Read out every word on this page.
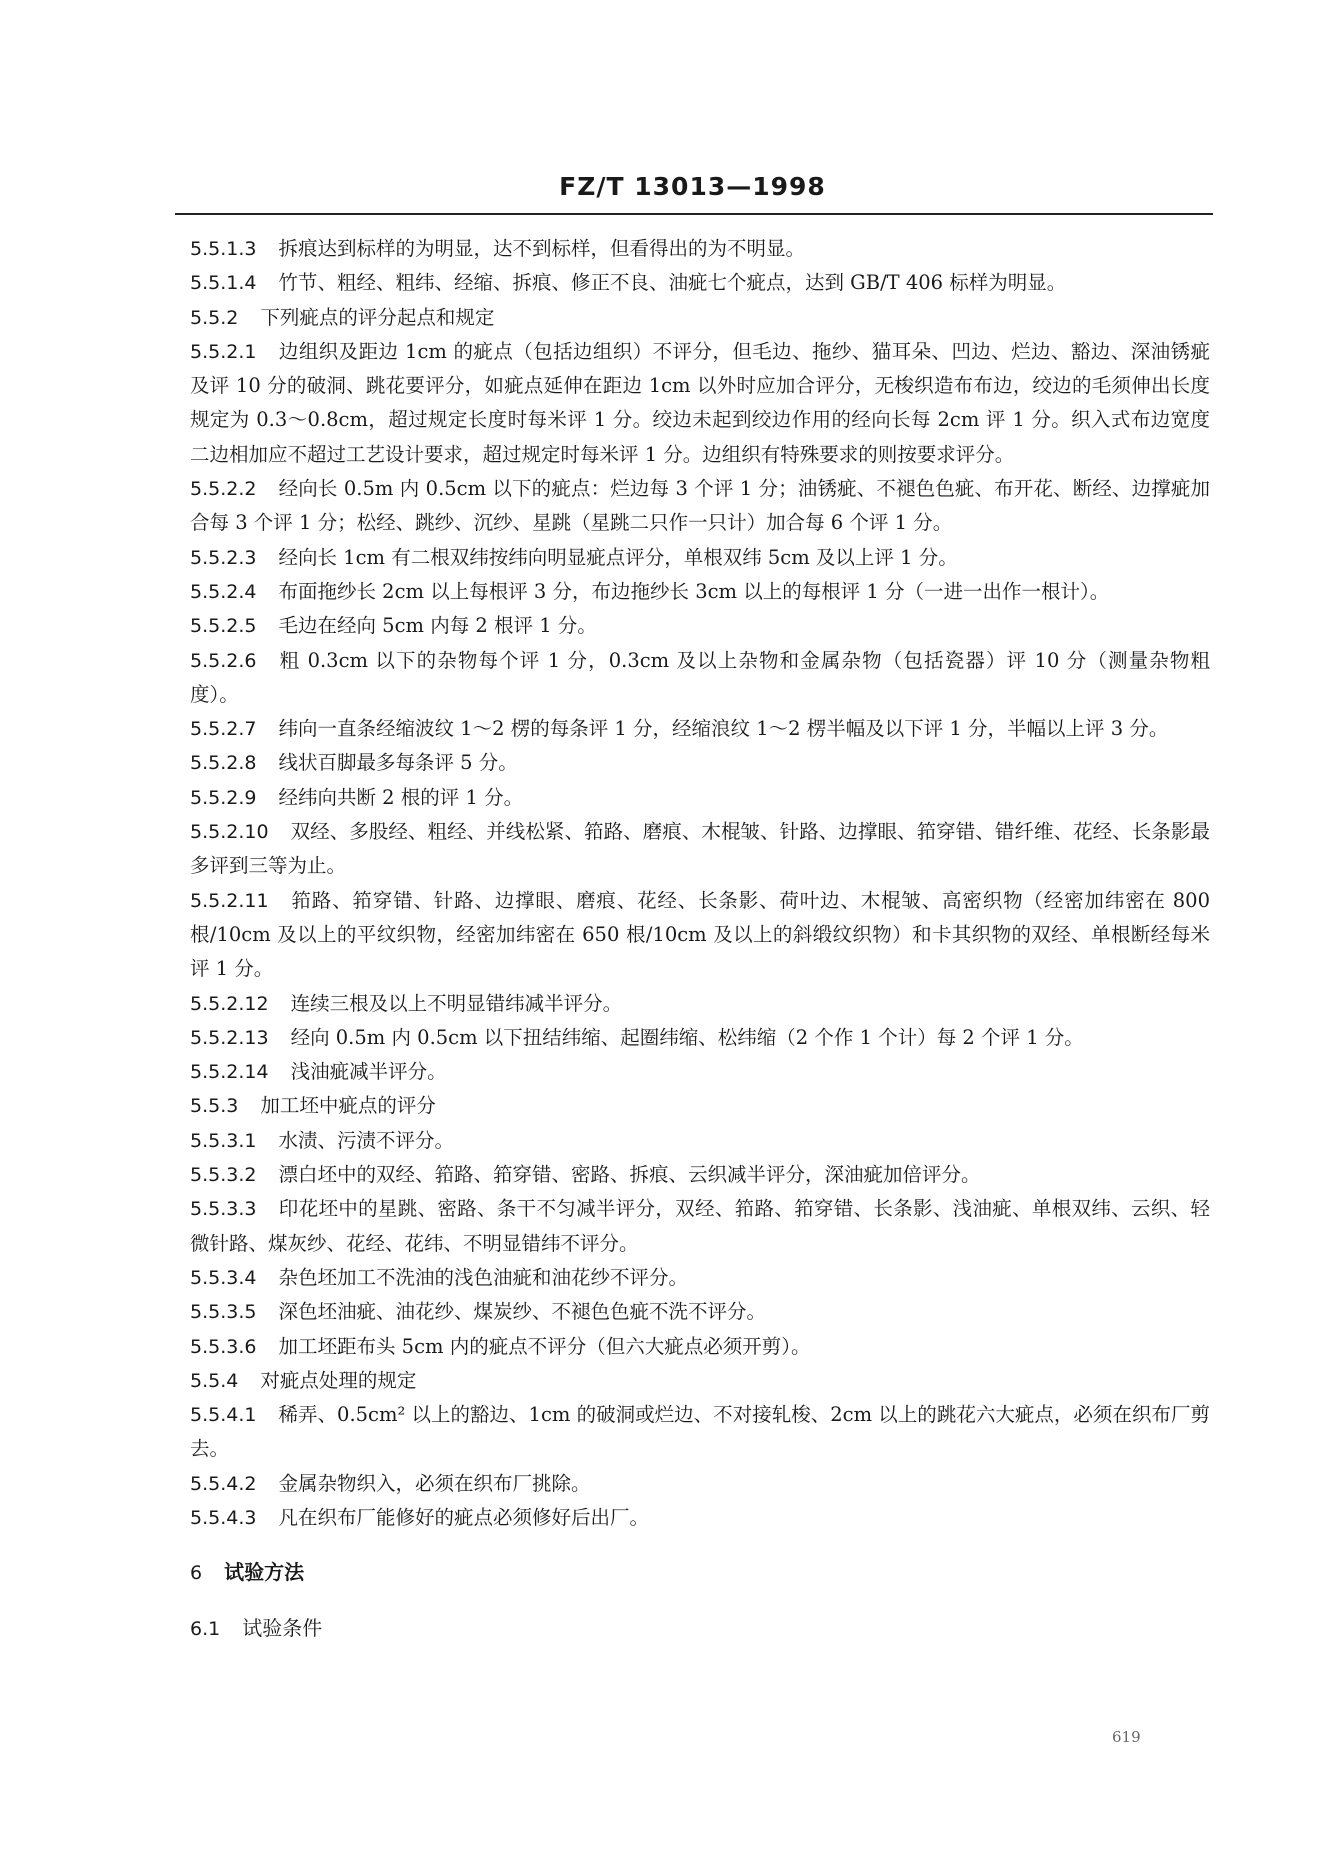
FZ/T 13013—1998

5.5.1.3 拆痕达到标样的为明显，达不到标样，但看得出的为不明显。

5.5.1.4 竹节、粗经、粗纬、经缩、拆痕、修正不良、油疵七个疵点，达到 GB/T 406 标样为明显。

5.5.2 下列疵点的评分起点和规定

5.5.2.1 边组织及距边 1cm 的疵点（包括边组织）不评分，但毛边、拖纱、猫耳朵、凹边、烂边、豁边、深油锈疵及评 10 分的破洞、跳花要评分，如疵点延伸在距边 1cm 以外时应加合评分，无梭织造布布边，绞边的毛须伸出长度规定为 0.3～0.8cm，超过规定长度时每米评 1 分。绞边未起到绞边作用的经向长每 2cm 评 1 分。织入式布边宽度二边相加应不超过工艺设计要求，超过规定时每米评 1 分。边组织有特殊要求的则按要求评分。

5.5.2.2 经向长 0.5m 内 0.5cm 以下的疵点：烂边每 3 个评 1 分；油锈疵、不褪色色疵、布开花、断经、边撑疵加合每 3 个评 1 分；松经、跳纱、沉纱、星跳（星跳二只作一只计）加合每 6 个评 1 分。

5.5.2.3 经向长 1cm 有二根双纬按纬向明显疵点评分，单根双纬 5cm 及以上评 1 分。

5.5.2.4 布面拖纱长 2cm 以上每根评 3 分，布边拖纱长 3cm 以上的每根评 1 分（一进一出作一根计）。

5.5.2.5 毛边在经向 5cm 内每 2 根评 1 分。

5.5.2.6 粗 0.3cm 以下的杂物每个评 1 分，0.3cm 及以上杂物和金属杂物（包括瓷器）评 10 分（测量杂物粗度）。

5.5.2.7 纬向一直条经缩波纹 1～2 楞的每条评 1 分，经缩浪纹 1～2 楞半幅及以下评 1 分，半幅以上评 3 分。

5.5.2.8 线状百脚最多每条评 5 分。

5.5.2.9 经纬向共断 2 根的评 1 分。

5.5.2.10 双经、多股经、粗经、并线松紧、筘路、磨痕、木棍皱、针路、边撑眼、筘穿错、错纤维、花经、长条影最多评到三等为止。

5.5.2.11 筘路、筘穿错、针路、边撑眼、磨痕、花经、长条影、荷叶边、木棍皱、高密织物（经密加纬密在 800 根/10cm 及以上的平纹织物，经密加纬密在 650 根/10cm 及以上的斜缎纹织物）和卡其织物的双经、单根断经每米评 1 分。

5.5.2.12 连续三根及以上不明显错纬减半评分。

5.5.2.13 经向 0.5m 内 0.5cm 以下扭结纬缩、起圈纬缩、松纬缩（2 个作 1 个计）每 2 个评 1 分。

5.5.2.14 浅油疵减半评分。

5.5.3 加工坯中疵点的评分

5.5.3.1 水渍、污渍不评分。

5.5.3.2 漂白坯中的双经、筘路、筘穿错、密路、拆痕、云织减半评分，深油疵加倍评分。

5.5.3.3 印花坯中的星跳、密路、条干不匀减半评分，双经、筘路、筘穿错、长条影、浅油疵、单根双纬、云织、轻微针路、煤灰纱、花经、花纬、不明显错纬不评分。

5.5.3.4 杂色坯加工不洗油的浅色油疵和油花纱不评分。

5.5.3.5 深色坯油疵、油花纱、煤炭纱、不褪色色疵不洗不评分。

5.5.3.6 加工坯距布头 5cm 内的疵点不评分（但六大疵点必须开剪）。

5.5.4 对疵点处理的规定

5.5.4.1 稀弄、0.5cm² 以上的豁边、1cm 的破洞或烂边、不对接轧梭、2cm 以上的跳花六大疵点，必须在织布厂剪去。

5.5.4.2 金属杂物织入，必须在织布厂挑除。

5.5.4.3 凡在织布厂能修好的疵点必须修好后出厂。

6 试验方法

6.1 试验条件

619
